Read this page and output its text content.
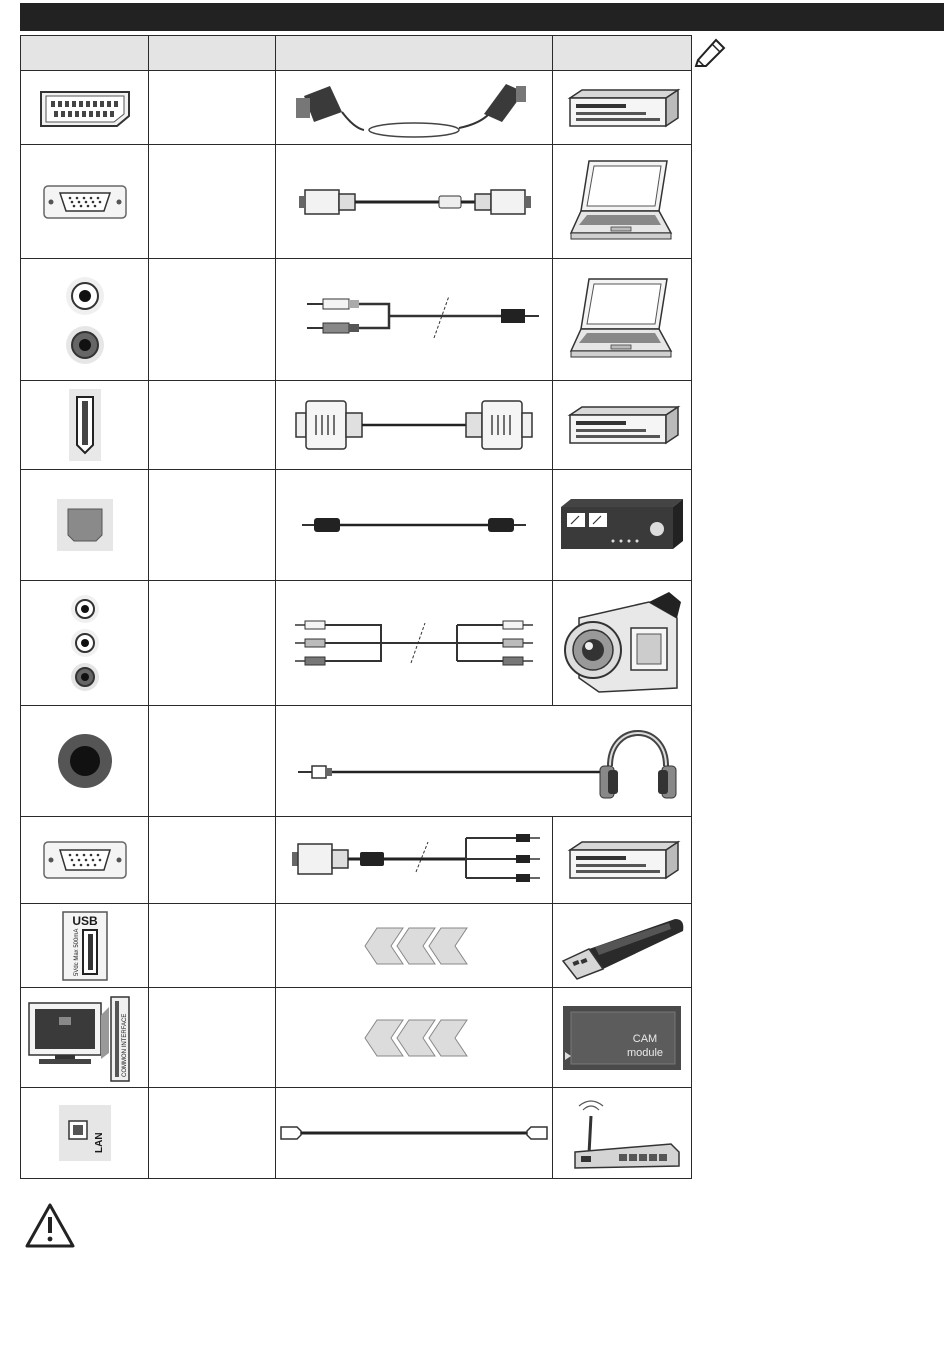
USB
5Vdc Max 500mA

COMMON INTERFACE			CAM
module

LAN
